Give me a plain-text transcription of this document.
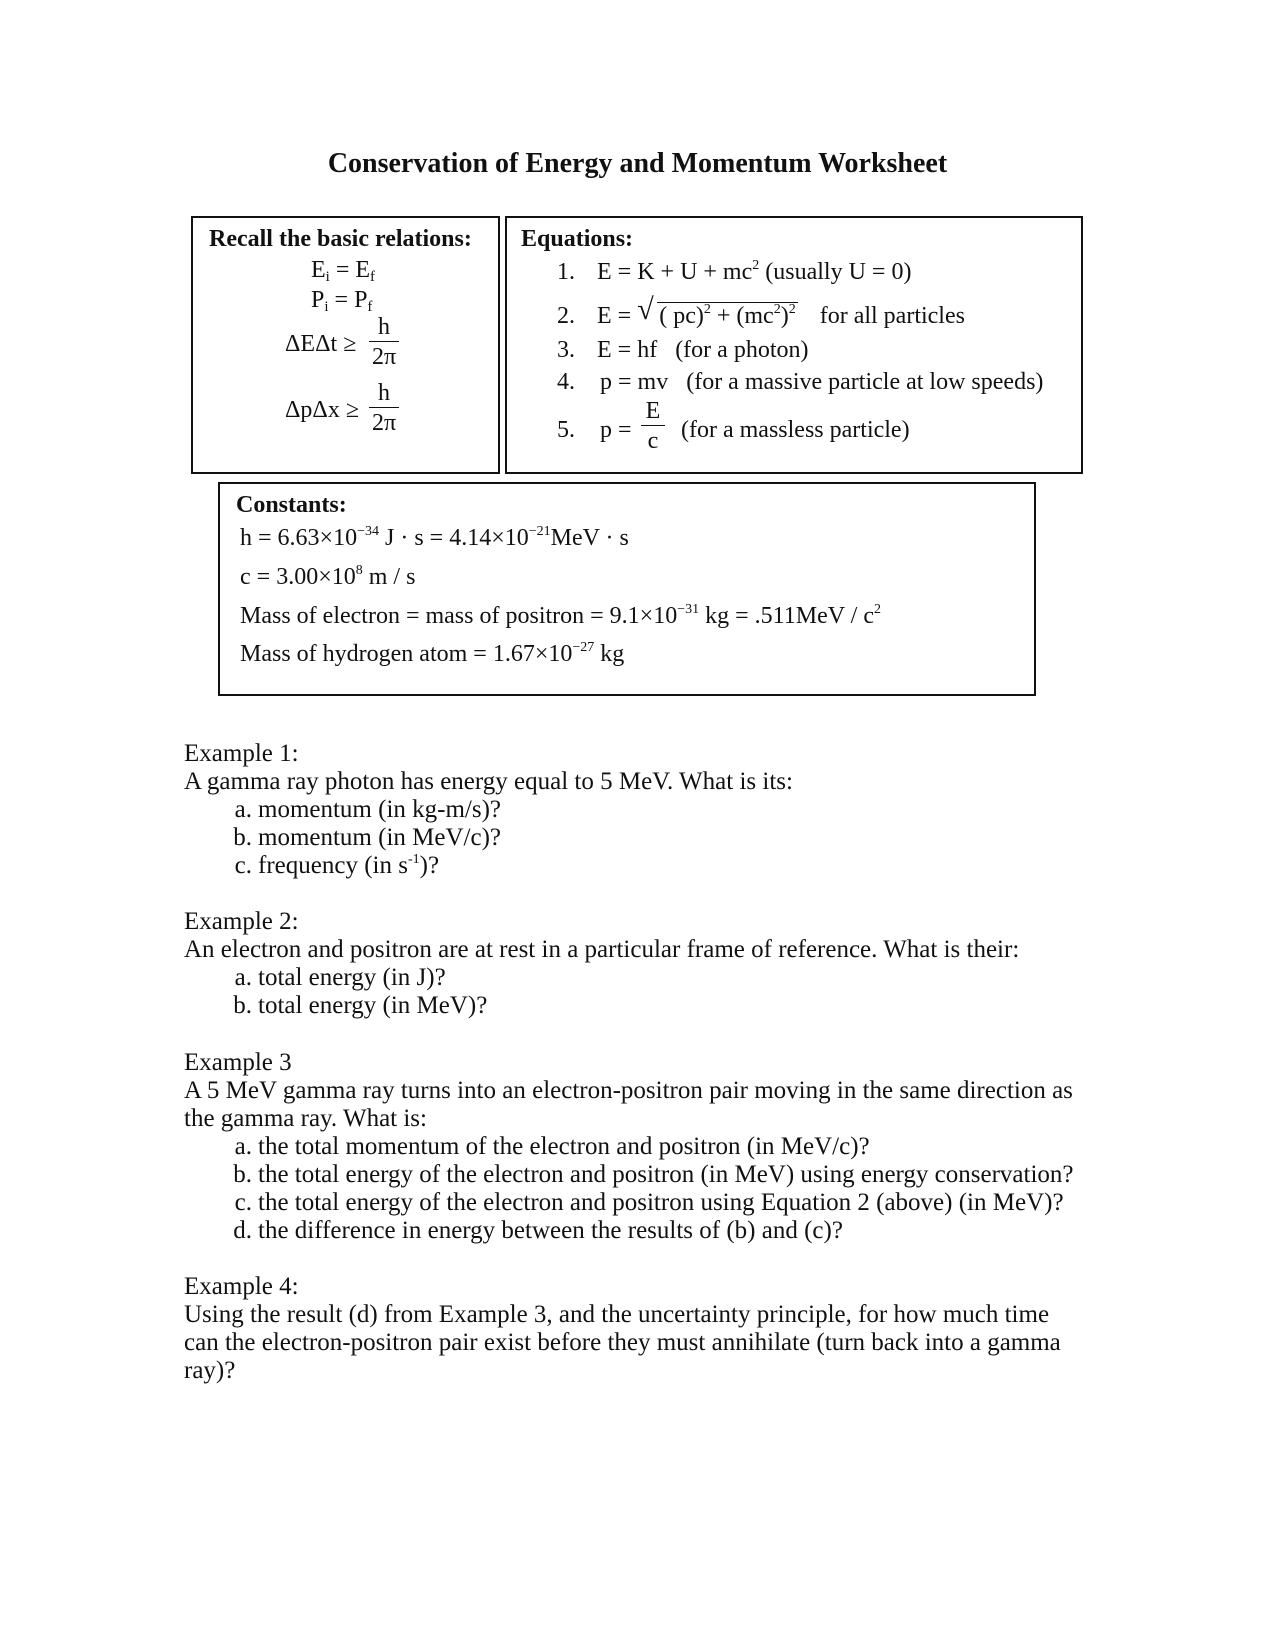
Conservation of Energy and Momentum Worksheet
Recall the basic relations:
$E_i = E_f$
$P_i = P_f$
ΔEΔt ≥
h
2π
ΔpΔx ≥
h
2π
Equations:
1. $E = K + U + mc^2$ (usually U = 0)
2. E = √ ( $pc)^2 + (mc^2)^2$ for all particles
3. E = hf   (for a photon)
4. p = mv   (for a massive particle at low speeds)
5. p =
E
c (for a massless particle)
Constants:
$h = 6.63\times 10^{-34}$ $J \cdot s = 4.14\times 10^{-21}MeV \cdot s$
$c = 3.00\times 10^8$ m / s
Mass of electron = mass of positron = $9.1\times 10^{-31}$ kg = $.511MeV / c^2$
Mass of hydrogen atom = $1.67\times 10^{-27}$ kg
Example 1:
A gamma ray photon has energy equal to 5 MeV. What is its:
a. momentum (in kg-m/s)?
b. momentum (in MeV/c)?
c. frequency (in $s^{-1}$)?
Example 2:
An electron and positron are at rest in a particular frame of reference. What is their:
a. total energy (in J)?
b. total energy (in MeV)?
Example 3
A 5 MeV gamma ray turns into an electron-positron pair moving in the same direction as
the gamma ray. What is:
a. the total momentum of the electron and positron (in MeV/c)?
b. the total energy of the electron and positron (in MeV) using energy conservation?
c. the total energy of the electron and positron using Equation 2 (above) (in MeV)?
d. the difference in energy between the results of (b) and (c)?
Example 4:
Using the result (d) from Example 3, and the uncertainty principle, for how much time
can the electron-positron pair exist before they must annihilate (turn back into a gamma
ray)?
